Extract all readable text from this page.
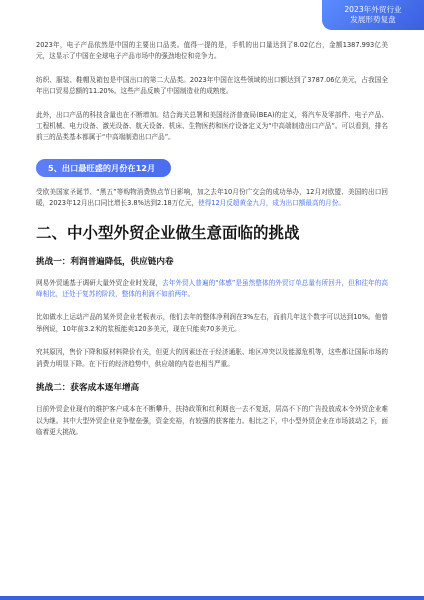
2023年外贸行业
发展形势复盘

2023年，电子产品依然是中国的主要出口品类。值得一提的是，手机的出口量达到了8.02亿台，金额1387.993亿美元，这显示了中国在全球电子产品市场中的强劲地位和竞争力。

纺织、服装、鞋帽及箱包是中国出口的第二大品类。2023年中国在这些领域的出口额达到了3787.06亿美元，占我国全年出口贸易总额的11.20%。这些产品反映了中国制造业的成熟度。

此外，出口产品的科技含量也在不断增加。结合海关总署和美国经济普查局(BEA)的定义，将汽车及零部件、电子产品、工程机械、电力设备、激光设备、航天设备、机床、生物医药和医疗设备定义为“中高端制造出口产品”。可以看到，排名前三的品类基本都属于“中高端制造出口产品”。

5、出口最旺盛的月份在12月

受欧美国家圣诞节、“黑五”等购物消费热点节日影响，加之去年10月份广交会的成功举办，12月对欧盟、美国的出口回暖，2023年12月出口同比增长3.8%达到2.18万亿元，使得12月反超黄金九月，成为出口额最高的月份。

二、中小型外贸企业做生意面临的挑战
挑战一：利润普遍降低，供应链内卷

网易外贸通基于调研大量外贸企业时发现，去年外贸人普遍的“体感”是虽然整体的外贸订单总量有所回升，但和往年的高峰相比，还处于复苏的阶段，整体的利润不如前两年。

比如做水上运动产品的某外贸企业老板表示，他们去年的整体净利润在3%左右，而前几年这个数字可以达到10%。他曾举例说，10年前3.2米的浆板能卖120多美元，现在只能卖70多美元。

究其原因，售价下降和原材料降价有关，但更大的因素还在于经济通胀、地区冲突以及能源危机等，这些都让国际市场的消费力明显下降。在下行的经济趋势中，供应端的内卷也相当严重。

挑战二：获客成本逐年增高

目前外贸企业现有的维护客户成本在不断攀升，扶持政策和红利期也一去不复返，居高不下的广告投放成本令外贸企业难以为继。其中大型外贸企业竞争壁垒强，资金充裕，有较强的获客能力。相比之下，中小型外贸企业在市场波动之下，面临着更大挑战。
